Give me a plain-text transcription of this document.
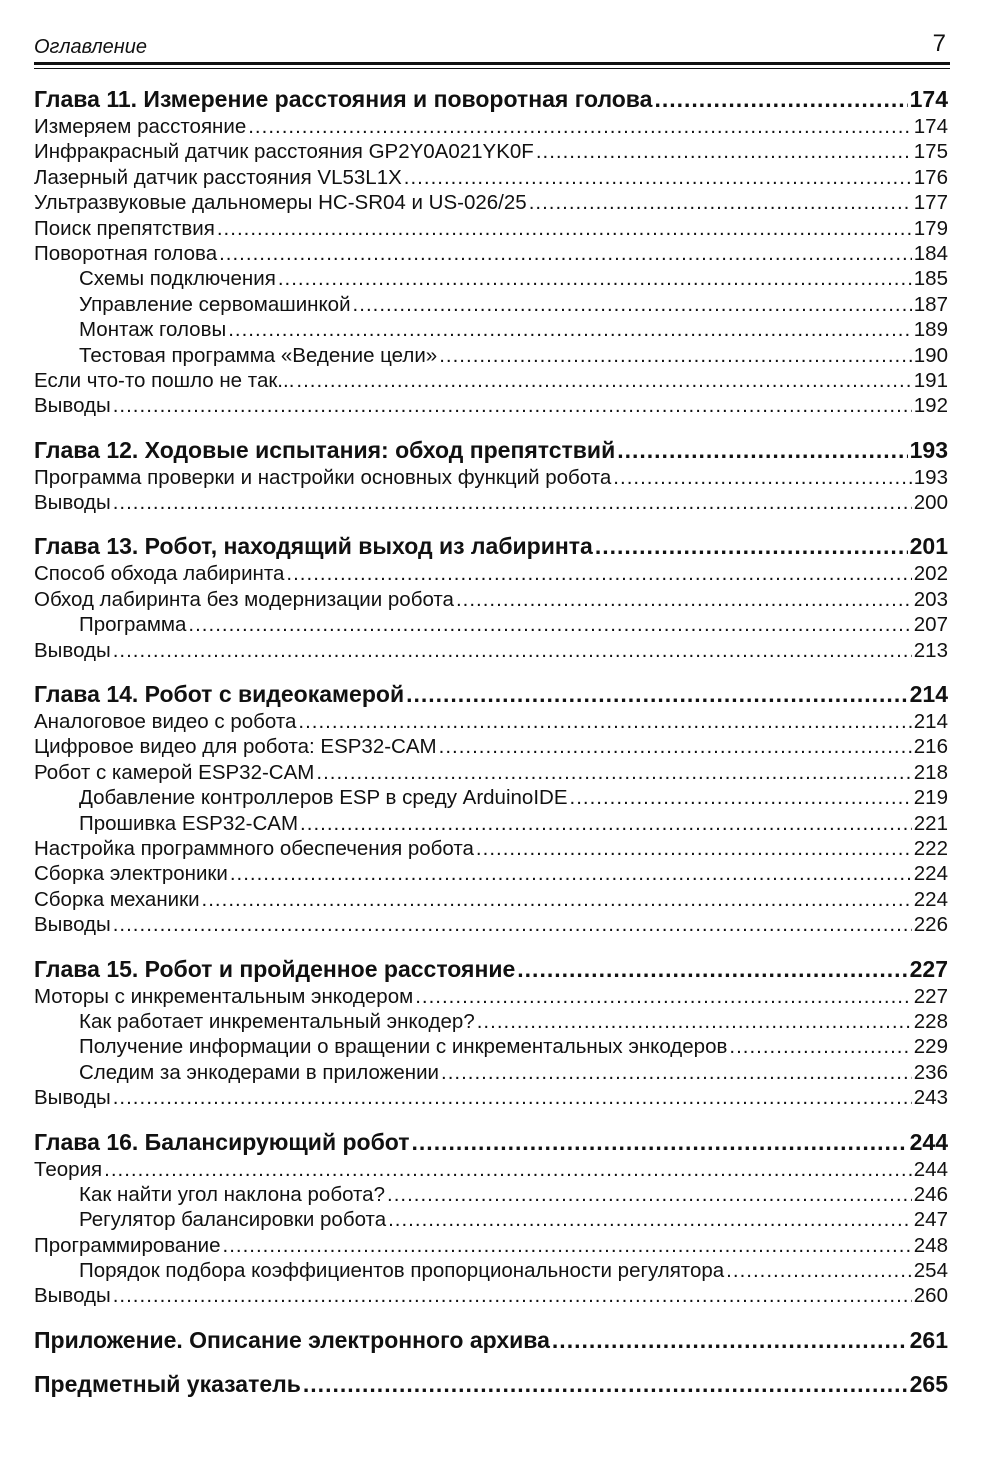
Оглавление	7
Глава 11. Измерение расстояния и поворотная голова .....	174
Измеряем расстояние .....	174
Инфракрасный датчик расстояния GP2Y0A021YK0F .....	175
Лазерный датчик расстояния VL53L1X .....	176
Ультразвуковые дальномеры HC-SR04 и US-026/25 .....	177
Поиск препятствия .....	179
Поворотная голова .....	184
Схемы подключения .....	185
Управление сервомашинкой .....	187
Монтаж головы .....	189
Тестовая программа «Ведение цели» .....	190
Если что-то пошло не так... .....	191
Выводы .....	192
Глава 12. Ходовые испытания: обход препятствий .....	193
Программа проверки и настройки основных функций робота .....	193
Выводы .....	200
Глава 13. Робот, находящий выход из лабиринта .....	201
Способ обхода лабиринта .....	202
Обход лабиринта без модернизации робота .....	203
Программа .....	207
Выводы .....	213
Глава 14. Робот с видеокамерой .....	214
Аналоговое видео с робота .....	214
Цифровое видео для робота: ESP32-CAM .....	216
Робот с камерой ESP32-CAM .....	218
Добавление контроллеров ESP в среду ArduinoIDE .....	219
Прошивка ESP32-CAM .....	221
Настройка программного обеспечения робота .....	222
Сборка электроники .....	224
Сборка механики .....	224
Выводы .....	226
Глава 15. Робот и пройденное расстояние .....	227
Моторы с инкрементальным энкодером .....	227
Как работает инкрементальный энкодер? .....	228
Получение информации о вращении с инкрементальных энкодеров .....	229
Следим за энкодерами в приложении .....	236
Выводы .....	243
Глава 16. Балансирующий робот .....	244
Теория .....	244
Как найти угол наклона робота? .....	246
Регулятор балансировки робота .....	247
Программирование .....	248
Порядок подбора коэффициентов пропорциональности регулятора .....	254
Выводы .....	260
Приложение. Описание электронного архива .....	261
Предметный указатель .....	265
